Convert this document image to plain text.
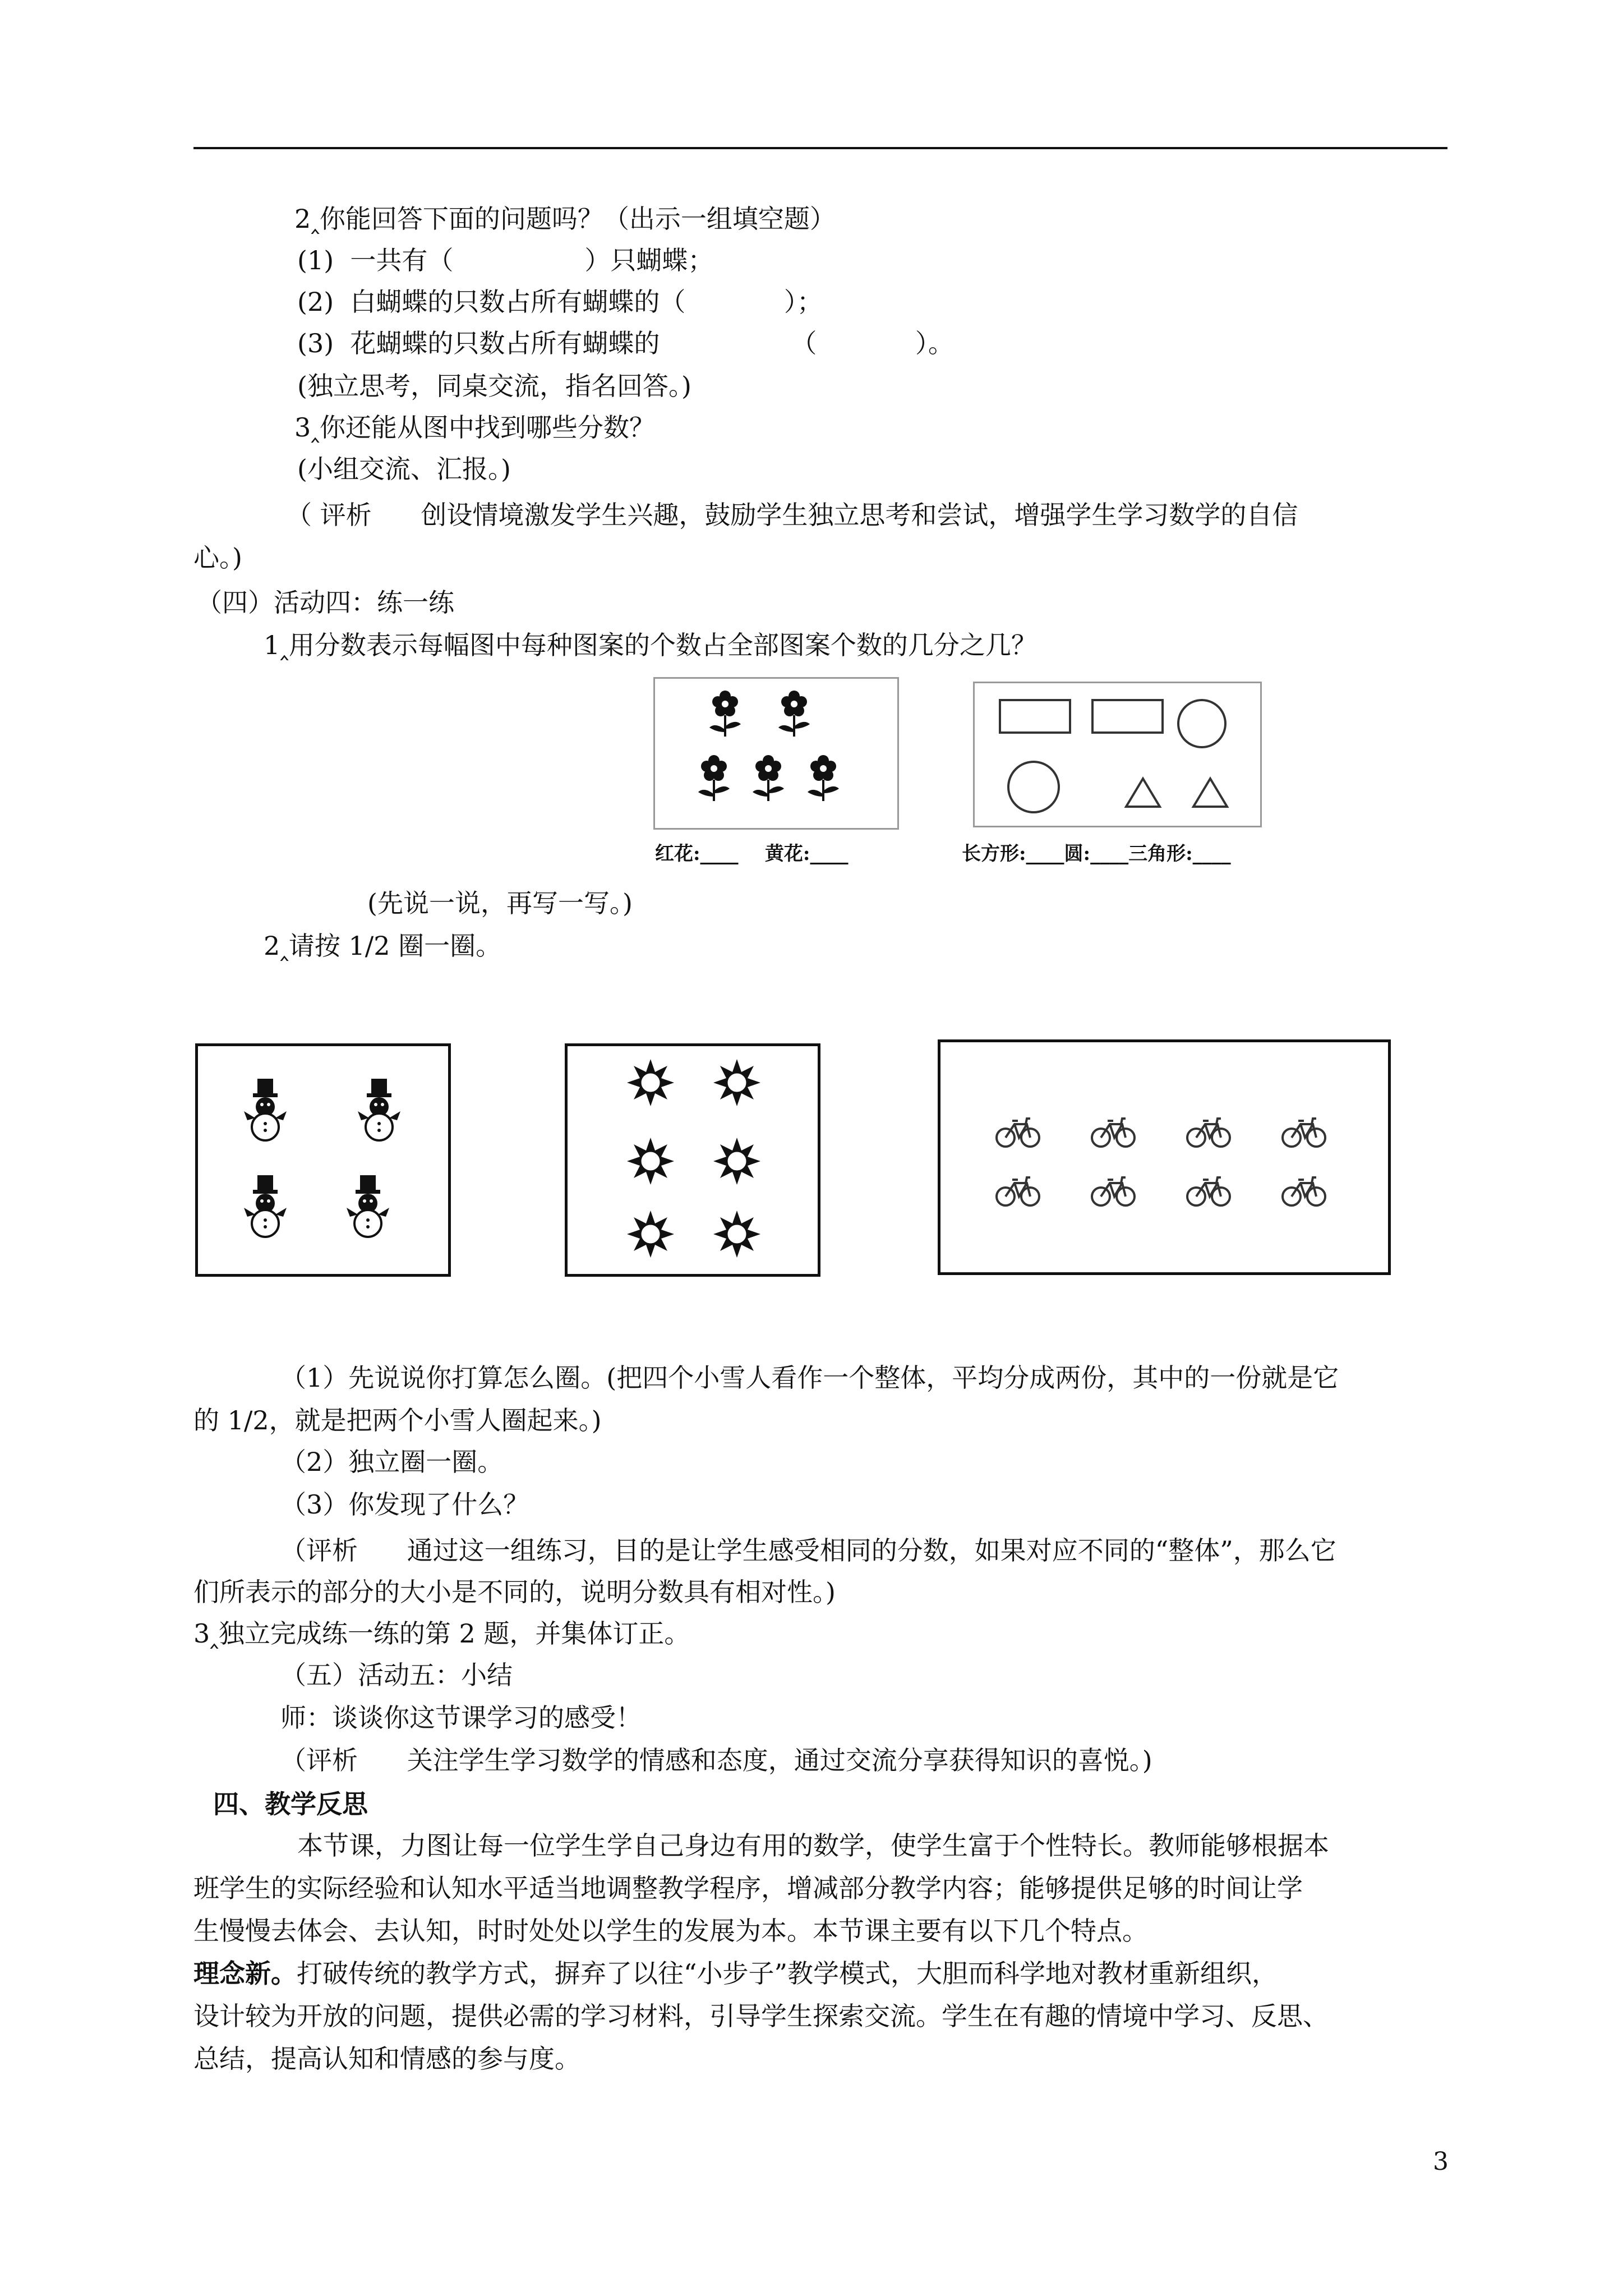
2‸你能回答下面的问题吗？（出示一组填空题）
(1)  一共有（                ）只蝴蝶；
(2)  白蝴蝶的只数占所有蝴蝶的（            ）；
(3)  花蝴蝶的只数占所有蝴蝶的                （            ）。
(独立思考，同桌交流，指名回答。)
3‸你还能从图中找到哪些分数？
(小组交流、汇报。)
（ 评析      创设情境激发学生兴趣，鼓励学生独立思考和尝试，增强学生学习数学的自信
心。)
（四）活动四：练一练
1‸用分数表示每幅图中每种图案的个数占全部图案个数的几分之几？
红花:____    黄花:____	长方形:____圆:____三角形:____
(先说一说，再写一写。)
2‸请按 1/2 圈一圈。
（1）先说说你打算怎么圈。(把四个小雪人看作一个整体，平均分成两份，其中的一份就是它
的 1/2，就是把两个小雪人圈起来。)
（2）独立圈一圈。
（3）你发现了什么？
（评析      通过这一组练习，目的是让学生感受相同的分数，如果对应不同的“整体”，那么它
们所表示的部分的大小是不同的，说明分数具有相对性。)
3‸独立完成练一练的第 2 题，并集体订正。
（五）活动五：小结
师：谈谈你这节课学习的感受！
（评析      关注学生学习数学的情感和态度，通过交流分享获得知识的喜悦。)
四、教学反思
本节课，力图让每一位学生学自己身边有用的数学，使学生富于个性特长。教师能够根据本
班学生的实际经验和认知水平适当地调整教学程序，增减部分教学内容；能够提供足够的时间让学
生慢慢去体会、去认知，时时处处以学生的发展为本。本节课主要有以下几个特点。
理念新。打破传统的教学方式，摒弃了以往“小步子”教学模式，大胆而科学地对教材重新组织，
设计较为开放的问题，提供必需的学习材料，引导学生探索交流。学生在有趣的情境中学习、反思、
总结，提高认知和情感的参与度。
3
